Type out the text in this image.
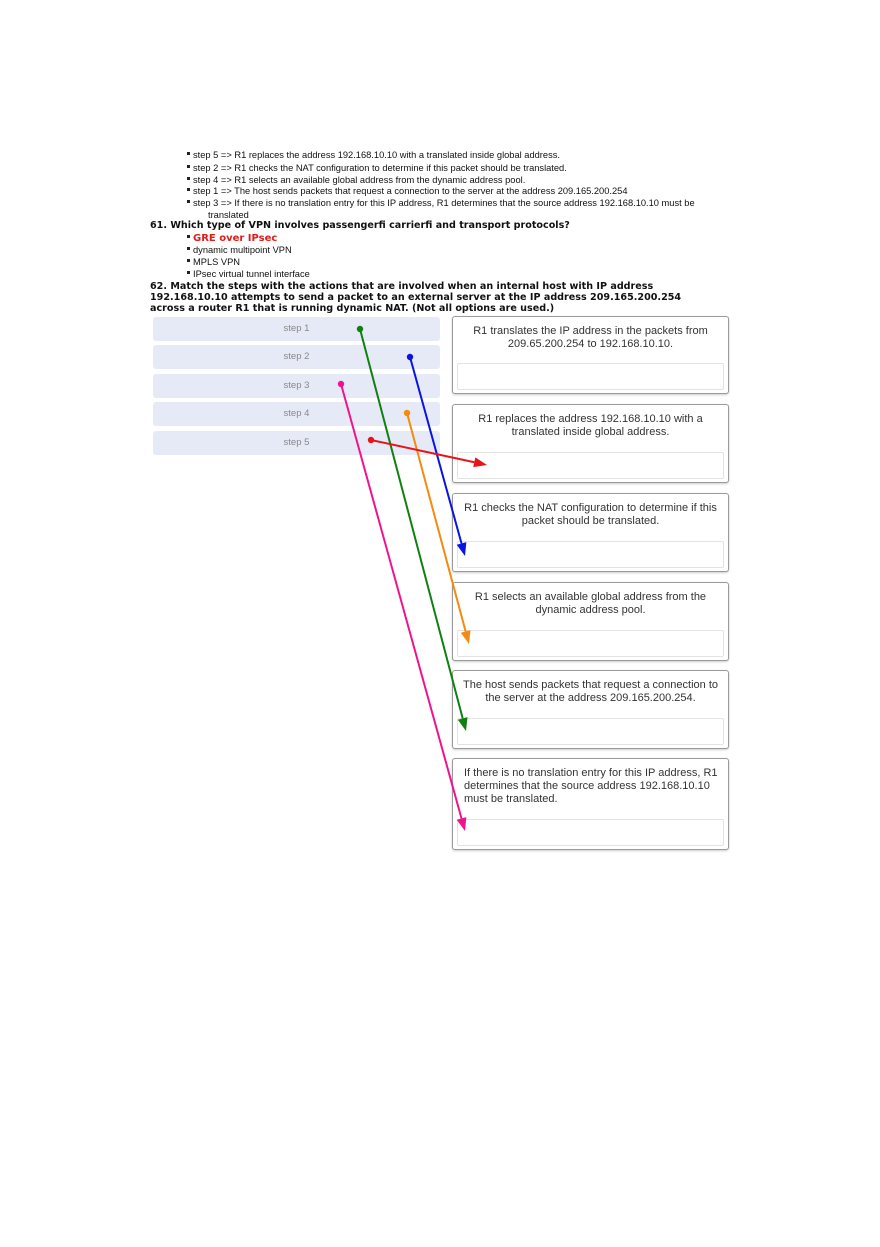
step 5 => R1 replaces the address 192.168.10.10 with a translated inside global address.
step 2 => R1 checks the NAT configuration to determine if this packet should be translated.
step 4 => R1 selects an available global address from the dynamic address pool.
step 1 => The host sends packets that request a connection to the server at the address 209.165.200.254
step 3 => If there is no translation entry for this IP address, R1 determines that the source address 192.168.10.10 must be
translated
61. Which type of VPN involves passengerfi carrierfi and transport protocols?
GRE over IPsec
dynamic multipoint VPN
MPLS VPN
IPsec virtual tunnel interface
62. Match the steps with the actions that are involved when an internal host with IP address
192.168.10.10 attempts to send a packet to an external server at the IP address 209.165.200.254
across a router R1 that is running dynamic NAT. (Not all options are used.)
step 1
step 2
step 3
step 4
step 5
R1 translates the IP address in the packets from 209.65.200.254 to 192.168.10.10.
R1 replaces the address 192.168.10.10 with a translated inside global address.
R1 checks the NAT configuration to determine if this packet should be translated.
R1 selects an available global address from the dynamic address pool.
The host sends packets that request a connection to the server at the address 209.165.200.254.
If there is no translation entry for this IP address, R1 determines that the source address 192.168.10.10 must be translated.
